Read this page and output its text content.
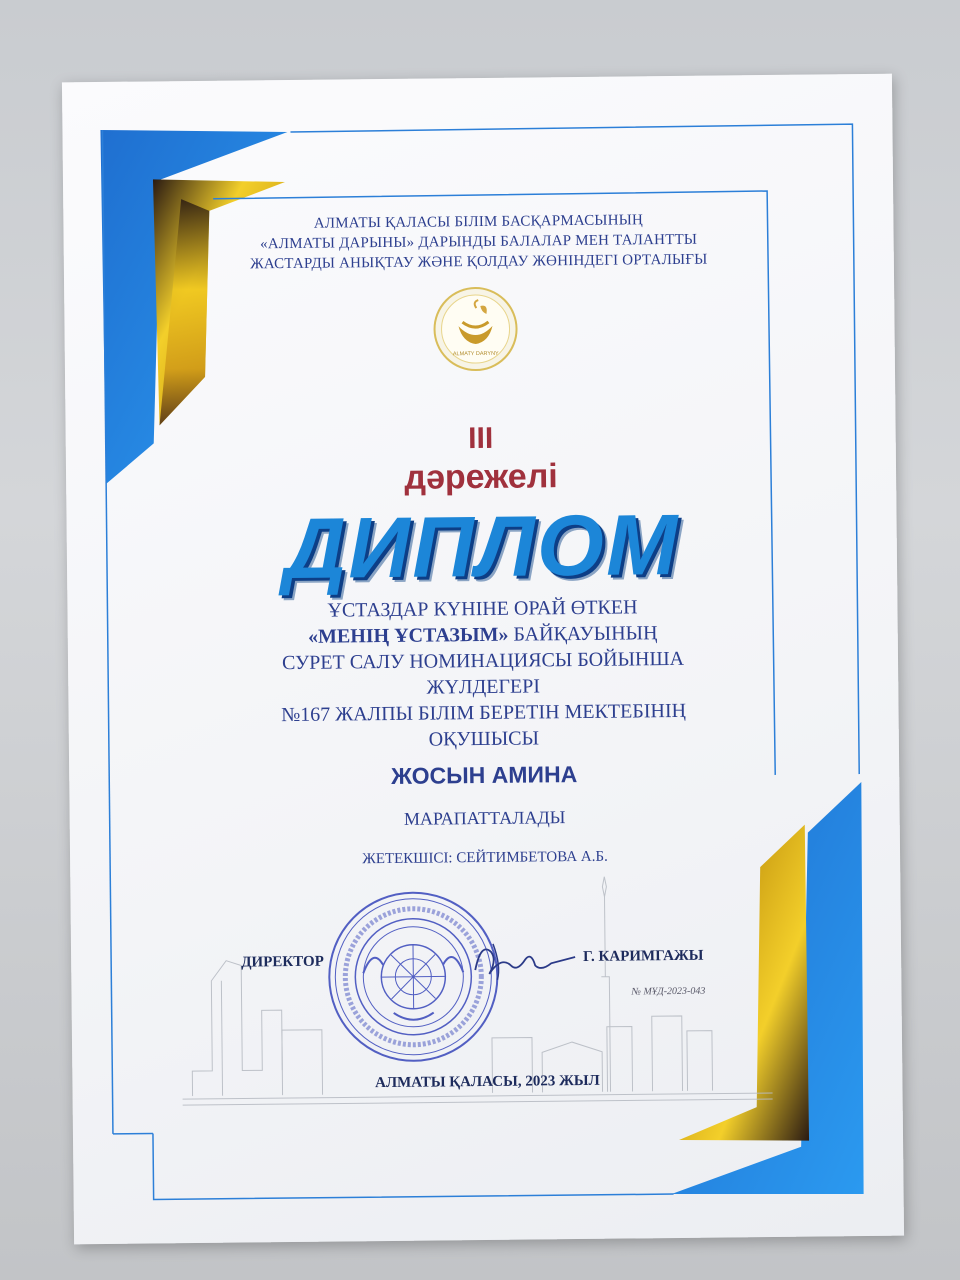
АЛМАТЫ ҚАЛАСЫ БІЛІМ БАСҚАРМАСЫНЫҢ
«АЛМАТЫ ДАРЫНЫ» ДАРЫНДЫ БАЛАЛАР МЕН ТАЛАНТТЫ
ЖАСТАРДЫ АНЫҚТАУ ЖӘНЕ ҚОЛДАУ ЖӨНІНДЕГІ ОРТАЛЫҒЫ
ALMATY DARYNY
III
дәрежелі
ДИПЛОМ
ҰСТАЗДАР КҮНІНЕ ОРАЙ ӨТКЕН
«МЕНІҢ ҰСТАЗЫМ» БАЙҚАУЫНЫҢ
СУРЕТ САЛУ НОМИНАЦИЯСЫ БОЙЫНША
ЖҮЛДЕГЕРІ
№167 ЖАЛПЫ БІЛІМ БЕРЕТІН МЕКТЕБІНІҢ
ОҚУШЫСЫ
ЖОСЫН АМИНА
МАРАПАТТАЛАДЫ
ЖЕТЕКШІСІ: СЕЙТИМБЕТОВА А.Б.
ДИРЕКТОР	Г. КАРИМГАЖЫ
№ МҰД-2023-043
АЛМАТЫ ҚАЛАСЫ, 2023 ЖЫЛ
